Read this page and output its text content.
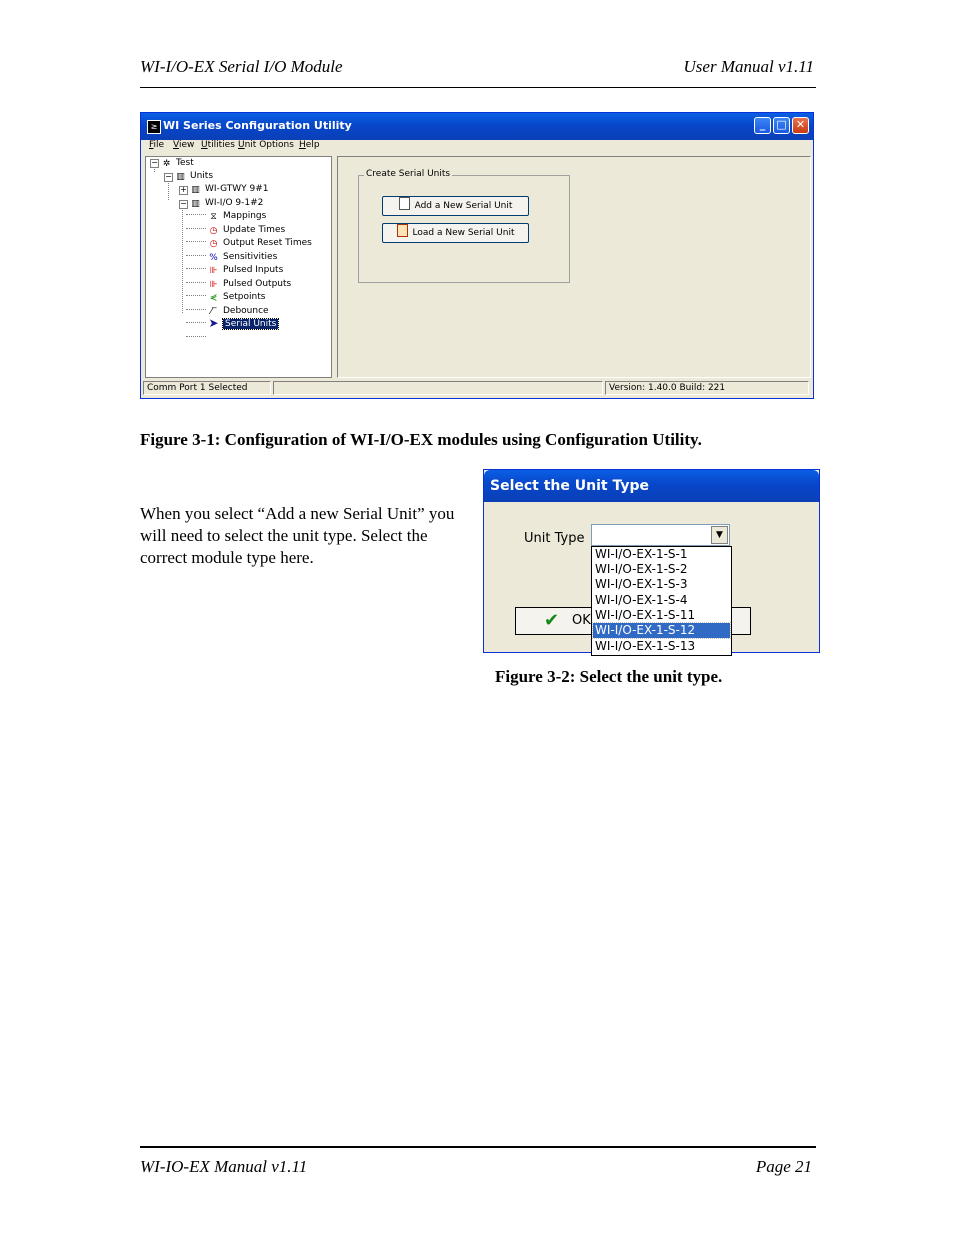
WI-I/O-EX Serial I/O Module	User Manual v1.11
≥ WI Series Configuration Utility	_	□ ✕
File View Utilities Unit Options Help
− ✲ Test
− ▥ Units
+ ▥ WI-GTWY 9#1
− ▥ WI-I/O 9-1#2
⧖ Mappings
◷ Update Times
◷ Output Reset Times
% Sensitivities
⊪ Pulsed Inputs
⊪ Pulsed Outputs
⋞ Setpoints
⁄‾ Debounce
➤ Serial Units
Create Serial Units
Add a New Serial Unit
Load a New Serial Unit
Comm Port 1 Selected	Version: 1.40.0 Build: 221
Figure 3-1: Configuration of WI-I/O-EX modules using Configuration Utility.
When you select “Add a new Serial Unit” you will need to select the unit type. Select the correct module type here.
Select the Unit Type
Unit Type	▼
✔ OK
WI-I/O-EX-1-S-1
WI-I/O-EX-1-S-2
WI-I/O-EX-1-S-3
WI-I/O-EX-1-S-4
WI-I/O-EX-1-S-11
WI-I/O-EX-1-S-12
WI-I/O-EX-1-S-13
Figure 3-2: Select the unit type.
WI-IO-EX Manual v1.11	Page 21
